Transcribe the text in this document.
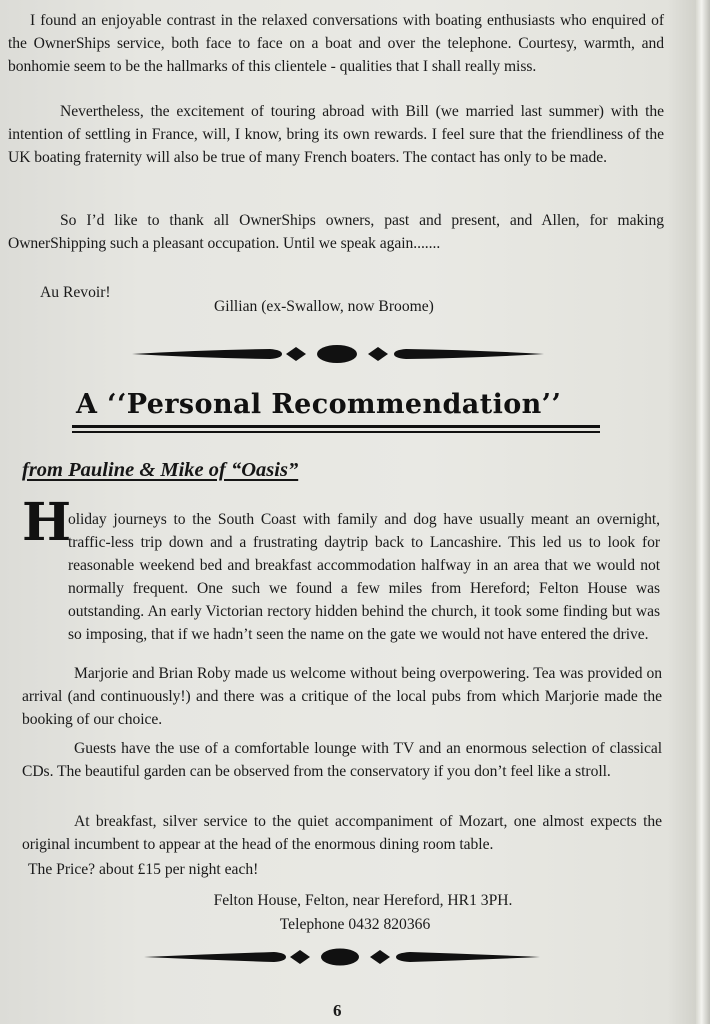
I found an enjoyable contrast in the relaxed conversations with boating enthusiasts who enquired of the OwnerShips service, both face to face on a boat and over the telephone. Courtesy, warmth, and bonhomie seem to be the hallmarks of this clientele - qualities that I shall really miss.

Nevertheless, the excitement of touring abroad with Bill (we married last summer) with the intention of settling in France, will, I know, bring its own rewards. I feel sure that the friendliness of the UK boating fraternity will also be true of many French boaters. The contact has only to be made.

So I’d like to thank all OwnerShips owners, past and present, and Allen, for making OwnerShipping such a pleasant occupation. Until we speak again.......

Au Revoir!

Gillian (ex-Swallow, now Broome)

A ‘‘Personal Recommendation’’

from Pauline & Mike of “Oasis”

H

oliday journeys to the South Coast with family and dog have usually meant an overnight, traffic-less trip down and a frustrating daytrip back to Lancashire. This led us to look for reasonable weekend bed and breakfast accommodation halfway in an area that we would not normally frequent. One such we found a few miles from Hereford; Felton House was outstanding. An early Victorian rectory hidden behind the church, it took some finding but was so imposing, that if we hadn’t seen the name on the gate we would not have entered the drive.

Marjorie and Brian Roby made us welcome without being overpowering. Tea was provided on arrival (and continuously!) and there was a critique of the local pubs from which Marjorie made the booking of our choice.

Guests have the use of a comfortable lounge with TV and an enormous selection of classical CDs. The beautiful garden can be observed from the conservatory if you don’t feel like a stroll.

At breakfast, silver service to the quiet accompaniment of Mozart, one almost expects the original incumbent to appear at the head of the enormous dining room table.

The Price? about £15 per night each!

Felton House, Felton, near Hereford, HR1 3PH.

Telephone 0432 820366

6
